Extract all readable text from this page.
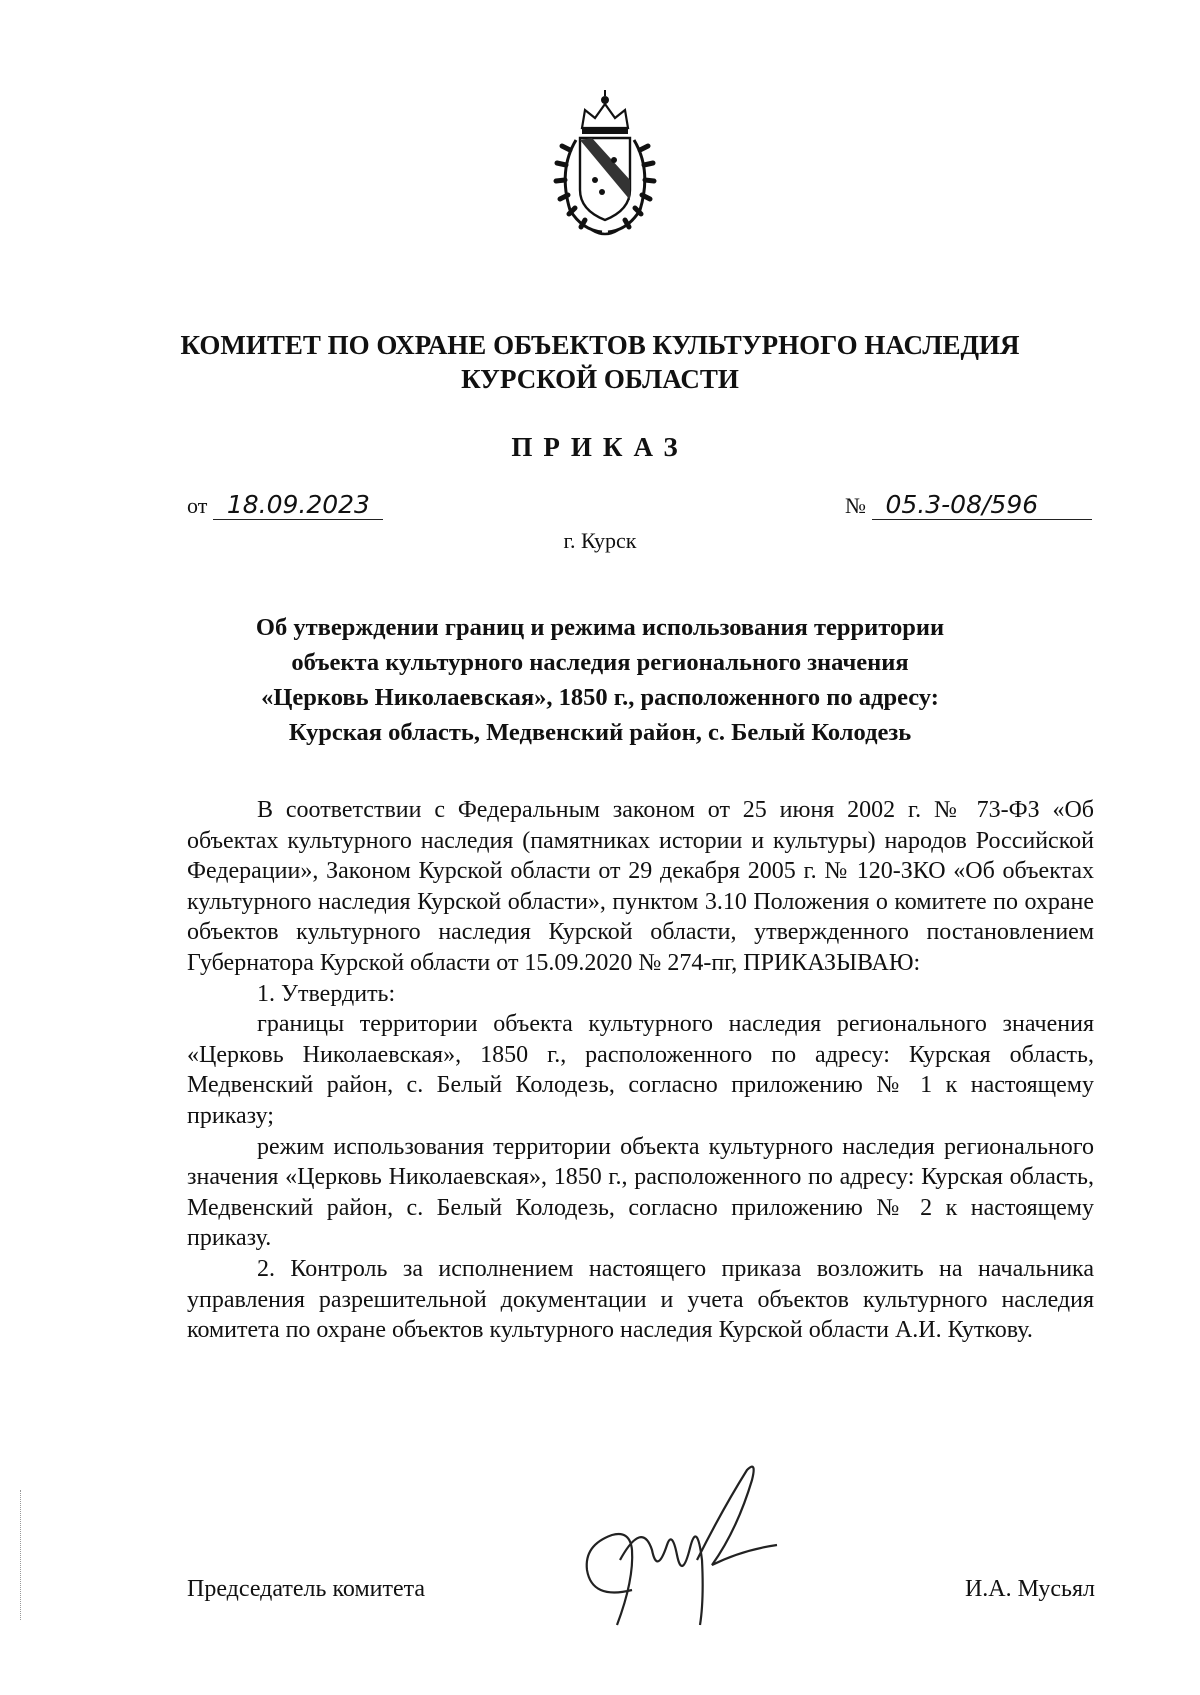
КОМИТЕТ ПО ОХРАНЕ ОБЪЕКТОВ КУЛЬТУРНОГО НАСЛЕДИЯ
КУРСКОЙ ОБЛАСТИ
ПРИКАЗ
от 18.09.2023	№ 05.3-08/596
г. Курск
Об утверждении границ и режима использования территории
объекта культурного наследия регионального значения
«Церковь Николаевская», 1850 г., расположенного по адресу:
Курская область, Медвенский район, с. Белый Колодезь

В соответствии с Федеральным законом от 25 июня 2002 г. № 73-ФЗ «Об объектах культурного наследия (памятниках истории и культуры) народов Российской Федерации», Законом Курской области от 29 декабря 2005 г. № 120-ЗКО «Об объектах культурного наследия Курской области», пунктом 3.10 Положения о комитете по охране объектов культурного наследия Курской области, утвержденного постановлением Губернатора Курской области от 15.09.2020 № 274-пг, ПРИКАЗЫВАЮ:

1. Утвердить:

границы территории объекта культурного наследия регионального значения «Церковь Николаевская», 1850 г., расположенного по адресу: Курская область, Медвенский район, с. Белый Колодезь, согласно приложению № 1 к настоящему приказу;

режим использования территории объекта культурного наследия регионального значения «Церковь Николаевская», 1850 г., расположенного по адресу: Курская область, Медвенский район, с. Белый Колодезь, согласно приложению № 2 к настоящему приказу.

2. Контроль за исполнением настоящего приказа возложить на начальника управления разрешительной документации и учета объектов культурного наследия комитета по охране объектов культурного наследия Курской области А.И. Куткову.

Председатель комитета	И.А. Мусьял
